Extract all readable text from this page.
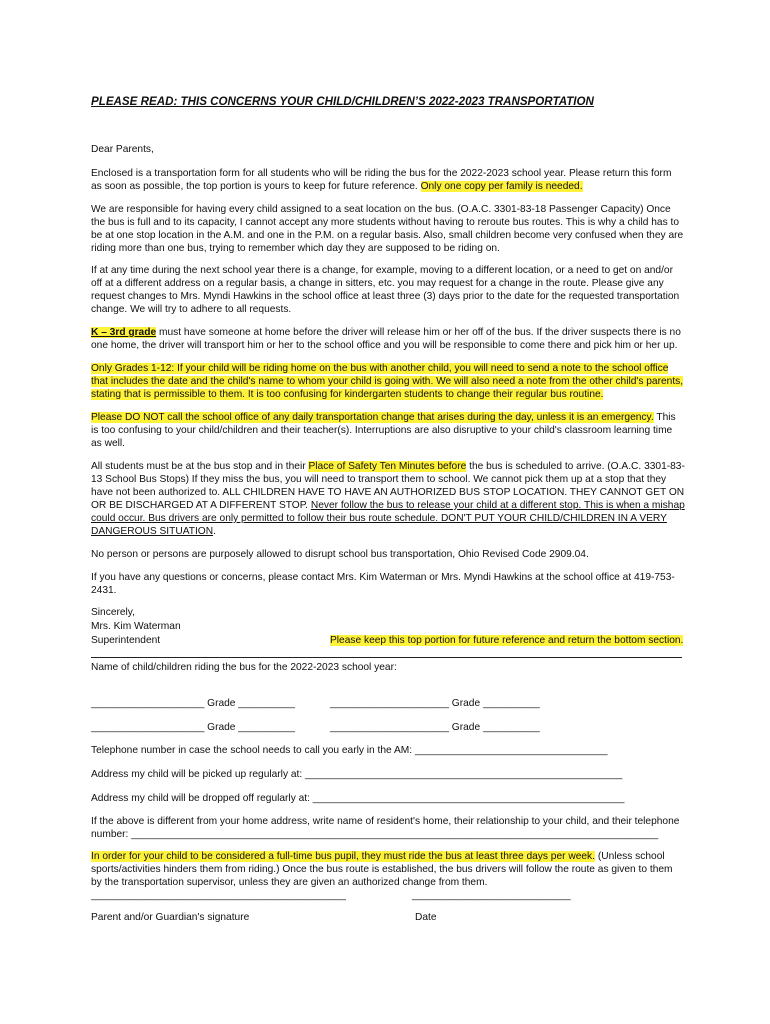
PLEASE READ: THIS CONCERNS YOUR CHILD/CHILDREN’S 2022-2023 TRANSPORTATION
Dear Parents,
Enclosed is a transportation form for all students who will be riding the bus for the 2022-2023 school year. Please return this form as soon as possible, the top portion is yours to keep for future reference. Only one copy per family is needed.
We are responsible for having every child assigned to a seat location on the bus. (O.A.C. 3301-83-18 Passenger Capacity) Once the bus is full and to its capacity, I cannot accept any more students without having to reroute bus routes. This is why a child has to be at one stop location in the A.M. and one in the P.M. on a regular basis. Also, small children become very confused when they are riding more than one bus, trying to remember which day they are supposed to be riding on.
If at any time during the next school year there is a change, for example, moving to a different location, or a need to get on and/or off at a different address on a regular basis, a change in sitters, etc. you may request for a change in the route. Please give any request changes to Mrs. Myndi Hawkins in the school office at least three (3) days prior to the date for the requested transportation change. We will try to adhere to all requests.
K – 3rd grade must have someone at home before the driver will release him or her off of the bus. If the driver suspects there is no one home, the driver will transport him or her to the school office and you will be responsible to come there and pick him or her up.
Only Grades 1-12: If your child will be riding home on the bus with another child, you will need to send a note to the school office that includes the date and the child's name to whom your child is going with. We will also need a note from the other child's parents, stating that is permissible to them. It is too confusing for kindergarten students to change their regular bus routine.
Please DO NOT call the school office of any daily transportation change that arises during the day, unless it is an emergency. This is too confusing to your child/children and their teacher(s). Interruptions are also disruptive to your child's classroom learning time as well.
All students must be at the bus stop and in their Place of Safety Ten Minutes before the bus is scheduled to arrive. (O.A.C. 3301-83-13 School Bus Stops) If they miss the bus, you will need to transport them to school. We cannot pick them up at a stop that they have not been authorized to. ALL CHILDREN HAVE TO HAVE AN AUTHORIZED BUS STOP LOCATION. THEY CANNOT GET ON OR BE DISCHARGED AT A DIFFERENT STOP. Never follow the bus to release your child at a different stop. This is when a mishap could occur. Bus drivers are only permitted to follow their bus route schedule. DON'T PUT YOUR CHILD/CHILDREN IN A VERY DANGEROUS SITUATION.
No person or persons are purposely allowed to disrupt school bus transportation, Ohio Revised Code 2909.04.
If you have any questions or concerns, please contact Mrs. Kim Waterman or Mrs. Myndi Hawkins at the school office at 419-753-2431.
Sincerely,
Mrs. Kim Waterman
Superintendent	Please keep this top portion for future reference and return the bottom section.
Name of child/children riding the bus for the 2022-2023 school year:
____________________ Grade __________	_____________________ Grade __________
____________________ Grade __________	_____________________ Grade __________
Telephone number in case the school needs to call you early in the AM: __________________________________
Address my child will be picked up regularly at: ________________________________________________________
Address my child will be dropped off regularly at: _______________________________________________________
If the above is different from your home address, write name of resident's home, their relationship to your child, and their telephone number: _____________________________________________________________________________________________
In order for your child to be considered a full-time bus pupil, they must ride the bus at least three days per week. (Unless school sports/activities hinders them from riding.) Once the bus route is established, the bus drivers will follow the route as given to them by the transportation supervisor, unless they are given an authorized change from them.
_____________________________________________	____________________________
Parent and/or Guardian's signature	Date
